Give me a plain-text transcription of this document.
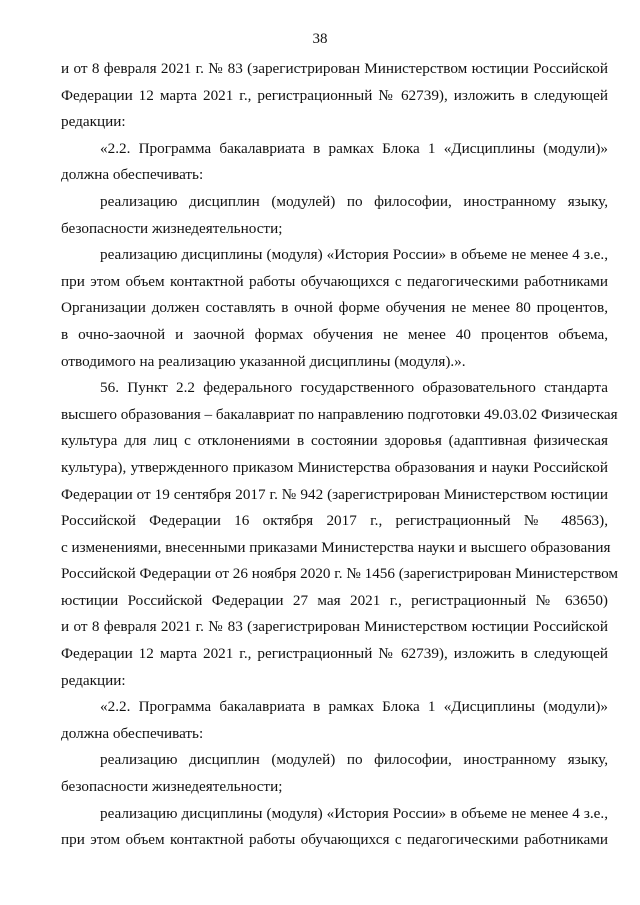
38

и от 8 февраля 2021 г. № 83 (зарегистрирован Министерством юстиции Российской
Федерации 12 марта 2021 г., регистрационный № 62739), изложить в следующей
редакции:
«2.2. Программа бакалавриата в рамках Блока 1 «Дисциплины (модули)»
должна обеспечивать:
реализацию дисциплин (модулей) по философии, иностранному языку,
безопасности жизнедеятельности;
реализацию дисциплины (модуля) «История России» в объеме не менее 4 з.е.,
при этом объем контактной работы обучающихся с педагогическими работниками
Организации должен составлять в очной форме обучения не менее 80 процентов,
в очно-заочной и заочной формах обучения не менее 40 процентов объема,
отводимого на реализацию указанной дисциплины (модуля).».
56. Пункт 2.2 федерального государственного образовательного стандарта
высшего образования – бакалавриат по направлению подготовки 49.03.02 Физическая
культура для лиц с отклонениями в состоянии здоровья (адаптивная физическая
культура), утвержденного приказом Министерства образования и науки Российской
Федерации от 19 сентября 2017 г. № 942 (зарегистрирован Министерством юстиции
Российской Федерации 16 октября 2017 г., регистрационный № 48563),
с изменениями, внесенными приказами Министерства науки и высшего образования
Российской Федерации от 26 ноября 2020 г. № 1456 (зарегистрирован Министерством
юстиции Российской Федерации 27 мая 2021 г., регистрационный № 63650)
и от 8 февраля 2021 г. № 83 (зарегистрирован Министерством юстиции Российской
Федерации 12 марта 2021 г., регистрационный № 62739), изложить в следующей
редакции:
«2.2. Программа бакалавриата в рамках Блока 1 «Дисциплины (модули)»
должна обеспечивать:
реализацию дисциплин (модулей) по философии, иностранному языку,
безопасности жизнедеятельности;
реализацию дисциплины (модуля) «История России» в объеме не менее 4 з.е.,
при этом объем контактной работы обучающихся с педагогическими работниками
